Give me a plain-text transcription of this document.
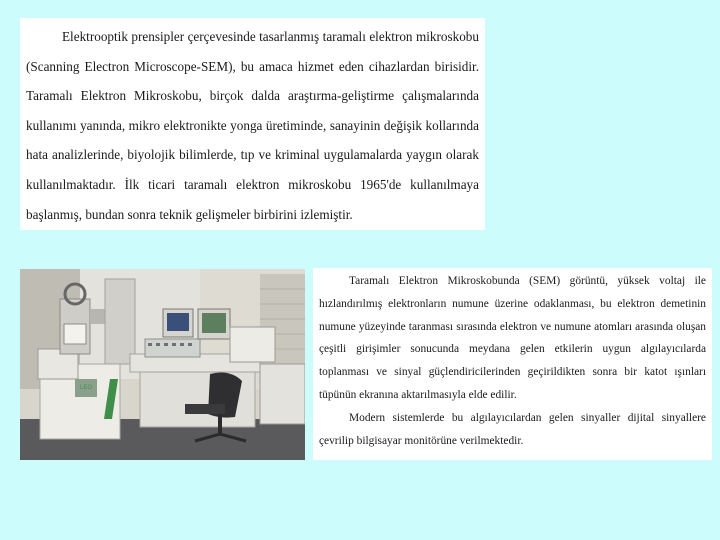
Elektrooptik prensipler çerçevesinde tasarlanmış taramalı elektron mikroskobu (Scanning Electron Microscope-SEM), bu amaca hizmet eden cihazlardan birisidir. Taramalı Elektron Mikroskobu, birçok dalda araştırma-geliştirme çalışmalarında kullanımı yanında, mikro elektronikte yonga üretiminde, sanayinin değişik kollarında hata analizlerinde, biyolojik bilimlerde, tıp ve kriminal uygulamalarda yaygın olarak kullanılmaktadır. İlk ticari taramalı elektron mikroskobu 1965'de kullanılmaya başlanmış, bundan sonra teknik gelişmeler birbirini izlemiştir.

LEO

Taramalı Elektron Mikroskobunda (SEM) görüntü, yüksek voltaj ile hızlandırılmış elektronların numune üzerine odaklanması, bu elektron demetinin numune yüzeyinde taranması sırasında elektron ve numune atomları arasında oluşan çeşitli girişimler sonucunda meydana gelen etkilerin uygun algılayıcılarda toplanması ve sinyal güçlendiricilerinden geçirildikten sonra bir katot ışınları tüpünün ekranına aktarılmasıyla elde edilir.

Modern sistemlerde bu algılayıcılardan gelen sinyaller dijital sinyallere çevrilip bilgisayar monitörüne verilmektedir.
